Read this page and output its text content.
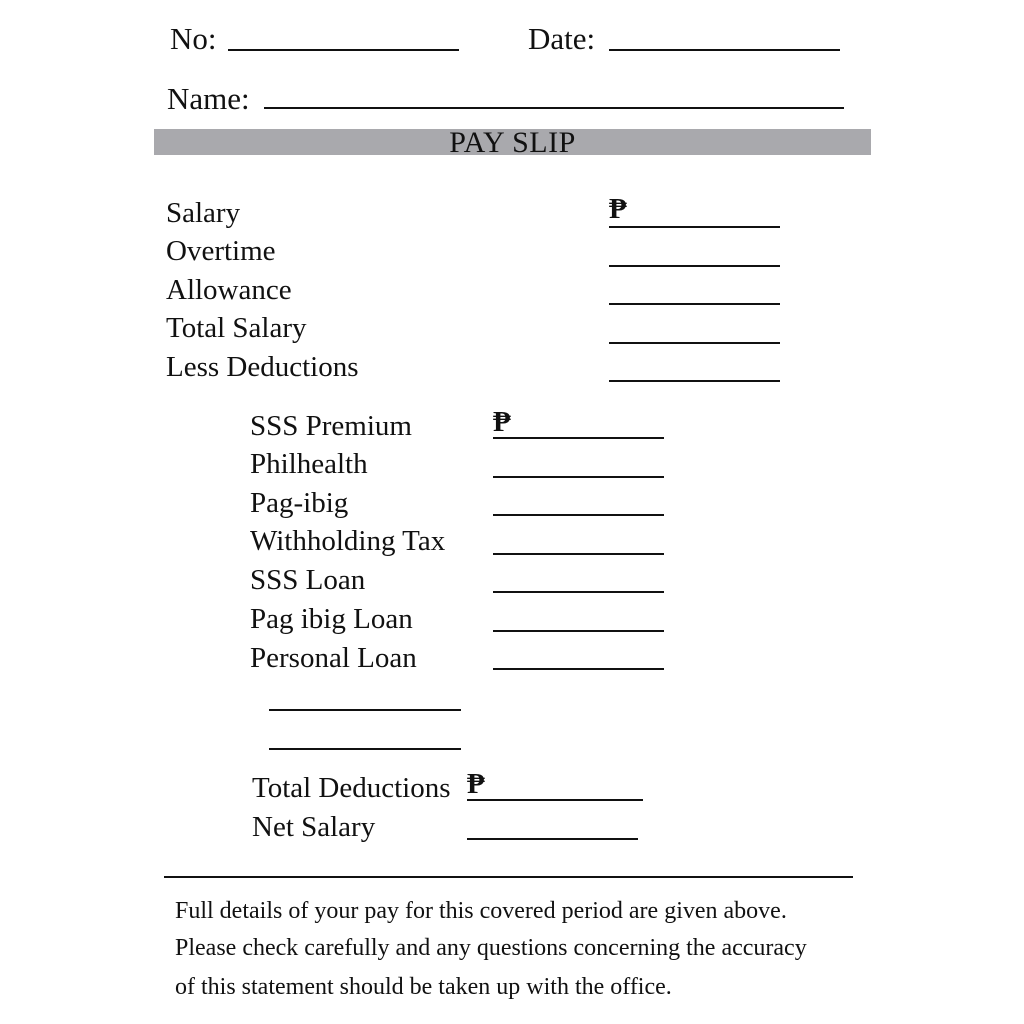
No:	Date:
Name:
PAY SLIP
Salary	₱
Overtime
Allowance
Total Salary
Less Deductions
SSS Premium	₱
Philhealth
Pag-ibig
Withholding Tax
SSS Loan
Pag ibig Loan
Personal Loan
Total Deductions ₱
Net Salary
Full details of your pay for this covered period are given above.
Please check carefully and any questions concerning the accuracy
of this statement should be taken up with the office.
